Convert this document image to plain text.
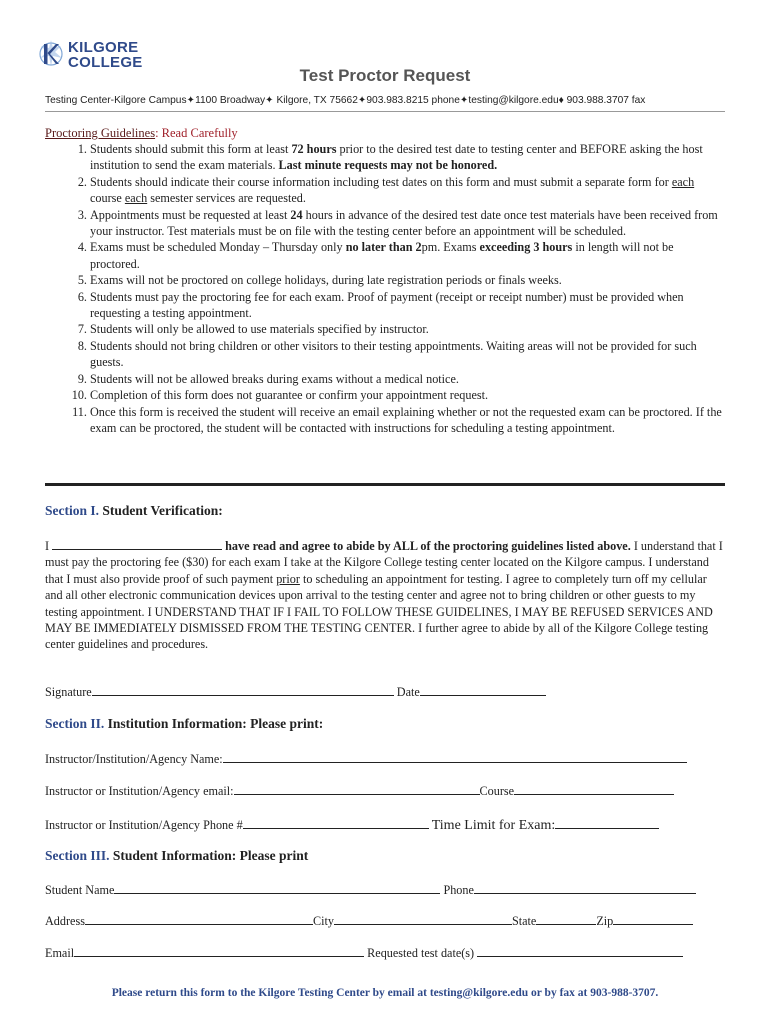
KILGORE
COLLEGE
Test Proctor Request
Testing Center-Kilgore Campus✦1100 Broadway✦ Kilgore, TX 75662✦903.983.8215 phone✦testing@kilgore.edu♦ 903.988.3707 fax
Proctoring Guidelines: Read Carefully
1. Students should submit this form at least 72 hours prior to the desired test date to testing center and BEFORE asking the host institution to send the exam materials. Last minute requests may not be honored.
2. Students should indicate their course information including test dates on this form and must submit a separate form for each course each semester services are requested.
3. Appointments must be requested at least 24 hours in advance of the desired test date once test materials have been received from your instructor. Test materials must be on file with the testing center before an appointment will be scheduled.
4. Exams must be scheduled Monday – Thursday only no later than 2pm. Exams exceeding 3 hours in length will not be proctored.
5. Exams will not be proctored on college holidays, during late registration periods or finals weeks.
6. Students must pay the proctoring fee for each exam. Proof of payment (receipt or receipt number) must be provided when requesting a testing appointment.
7. Students will only be allowed to use materials specified by instructor.
8. Students should not bring children or other visitors to their testing appointments. Waiting areas will not be provided for such guests.
9. Students will not be allowed breaks during exams without a medical notice.
10. Completion of this form does not guarantee or confirm your appointment request.
11. Once this form is received the student will receive an email explaining whether or not the requested exam can be proctored. If the exam can be proctored, the student will be contacted with instructions for scheduling a testing appointment.
Section I. Student Verification:
I	have read and agree to abide by ALL of the proctoring guidelines listed above. I understand that I must pay the proctoring fee ($30) for each exam I take at the Kilgore College testing center located on the Kilgore campus. I understand that I must also provide proof of such payment prior to scheduling an appointment for testing. I agree to completely turn off my cellular and all other electronic communication devices upon arrival to the testing center and agree not to bring children or other guests to my testing appointment. I UNDERSTAND THAT IF I FAIL TO FOLLOW THESE GUIDELINES, I MAY BE REFUSED SERVICES AND MAY BE IMMEDIATELY DISMISSED FROM THE TESTING CENTER. I further agree to abide by all of the Kilgore College testing center guidelines and procedures.
Signature	Date
Section II. Institution Information: Please print:
Instructor/Institution/Agency Name:
Instructor or Institution/Agency email:	Course
Instructor or Institution/Agency Phone #	Time Limit for Exam:
Section III. Student Information: Please print
Student Name	Phone
Address	City	State	Zip
Email	Requested test date(s)
Please return this form to the Kilgore Testing Center by email at testing@kilgore.edu or by fax at 903-988-3707.
